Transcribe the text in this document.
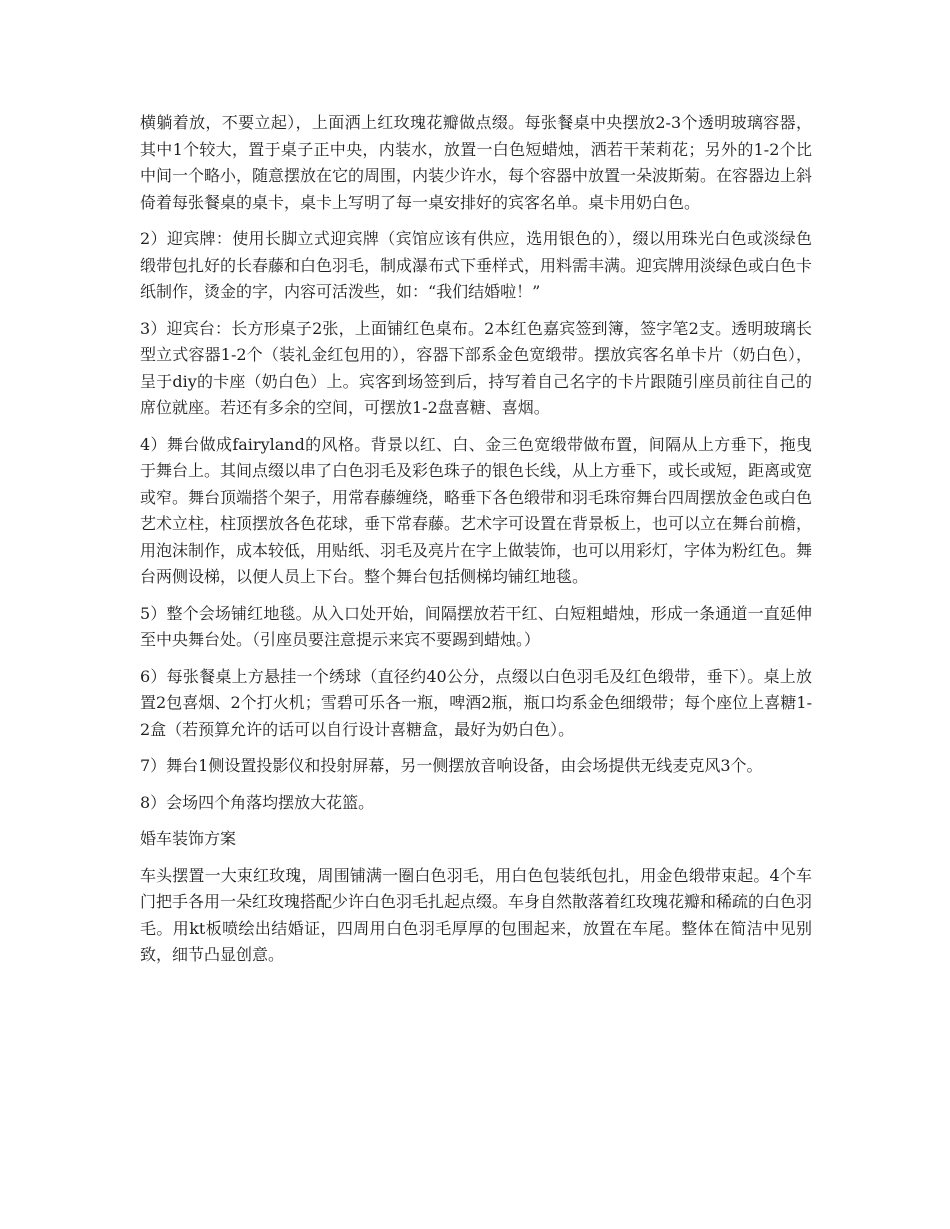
横躺着放，不要立起），上面洒上红玫瑰花瓣做点缀。每张餐桌中央摆放2-3个透明玻璃容器，其中1个较大，置于桌子正中央，内装水，放置一白色短蜡烛，洒若干茉莉花；另外的1-2个比中间一个略小，随意摆放在它的周围，内装少许水，每个容器中放置一朵波斯菊。在容器边上斜倚着每张餐桌的桌卡，桌卡上写明了每一桌安排好的宾客名单。桌卡用奶白色。

2）迎宾牌：使用长脚立式迎宾牌（宾馆应该有供应，选用银色的），缀以用珠光白色或淡绿色缎带包扎好的长春藤和白色羽毛，制成瀑布式下垂样式，用料需丰满。迎宾牌用淡绿色或白色卡纸制作，烫金的字，内容可活泼些，如：“我们结婚啦！”

3）迎宾台：长方形桌子2张，上面铺红色桌布。2本红色嘉宾签到簿，签字笔2支。透明玻璃长型立式容器1-2个（装礼金红包用的），容器下部系金色宽缎带。摆放宾客名单卡片（奶白色），呈于diy的卡座（奶白色）上。宾客到场签到后，持写着自己名字的卡片跟随引座员前往自己的席位就座。若还有多余的空间，可摆放1-2盘喜糖、喜烟。

4）舞台做成fairyland的风格。背景以红、白、金三色宽缎带做布置，间隔从上方垂下，拖曳于舞台上。其间点缀以串了白色羽毛及彩色珠子的银色长线，从上方垂下，或长或短，距离或宽或窄。舞台顶端搭个架子，用常春藤缠绕，略垂下各色缎带和羽毛珠帘舞台四周摆放金色或白色艺术立柱，柱顶摆放各色花球，垂下常春藤。艺术字可设置在背景板上，也可以立在舞台前檐，用泡沫制作，成本较低，用贴纸、羽毛及亮片在字上做装饰，也可以用彩灯，字体为粉红色。舞台两侧设梯，以便人员上下台。整个舞台包括侧梯均铺红地毯。

5）整个会场铺红地毯。从入口处开始，间隔摆放若干红、白短粗蜡烛，形成一条通道一直延伸至中央舞台处。（引座员要注意提示来宾不要踢到蜡烛。）

6）每张餐桌上方悬挂一个绣球（直径约40公分，点缀以白色羽毛及红色缎带，垂下）。桌上放置2包喜烟、2个打火机；雪碧可乐各一瓶，啤酒2瓶，瓶口均系金色细缎带；每个座位上喜糖1-2盒（若预算允许的话可以自行设计喜糖盒，最好为奶白色）。

7）舞台1侧设置投影仪和投射屏幕，另一侧摆放音响设备，由会场提供无线麦克风3个。

8）会场四个角落均摆放大花篮。

婚车装饰方案

车头摆置一大束红玫瑰，周围铺满一圈白色羽毛，用白色包装纸包扎，用金色缎带束起。4个车门把手各用一朵红玫瑰搭配少许白色羽毛扎起点缀。车身自然散落着红玫瑰花瓣和稀疏的白色羽毛。用kt板喷绘出结婚证，四周用白色羽毛厚厚的包围起来，放置在车尾。整体在简洁中见别致，细节凸显创意。
